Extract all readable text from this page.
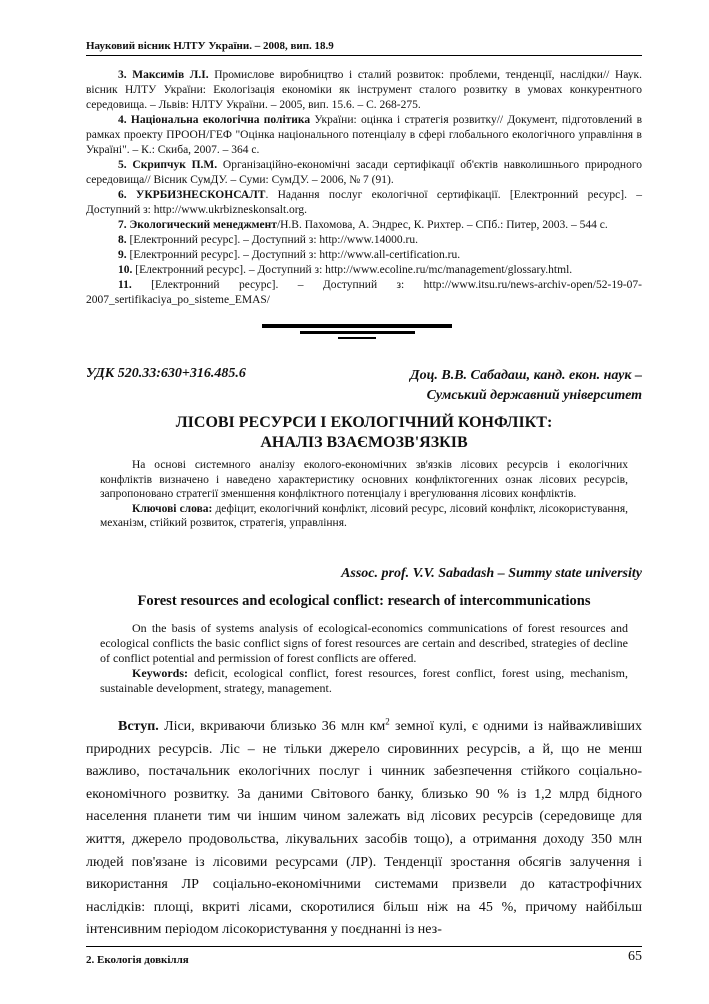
Науковий вісник НЛТУ України. – 2008, вип. 18.9

3. Максимів Л.І. Промислове виробництво і сталий розвиток: проблеми, тенденції, наслідки// Наук. вісник НЛТУ України: Екологізація економіки як інструмент сталого розвитку в умовах конкурентного середовища. – Львів: НЛТУ України. – 2005, вип. 15.6. – С. 268-275.

4. Національна екологічна політика України: оцінка і стратегія розвитку// Документ, підготовлений в рамках проекту ПРООН/ГЕФ "Оцінка національного потенціалу в сфері глобального екологічного управління в Україні". – К.: Скиба, 2007. – 364 с.

5. Скрипчук П.М. Організаційно-економічні засади сертифікації об'єктів навколишнього природного середовища// Вісник СумДУ. – Суми: СумДУ. – 2006, № 7 (91).

6. УКРБИЗНЕСКОНСАЛТ. Надання послуг екологічної сертифікації. [Електронний ресурс]. – Доступний з: http://www.ukrbizneskonsalt.org.

7. Экологический менеджмент/Н.В. Пахомова, А. Эндрес, К. Рихтер. – СПб.: Питер, 2003. – 544 с.

8. [Електронний ресурс]. – Доступний з: http://www.14000.ru.

9. [Електронний ресурс]. – Доступний з: http://www.all-certification.ru.

10. [Електронний ресурс]. – Доступний з: http://www.ecoline.ru/mc/management/glossary.html.

11. [Електронний ресурс]. – Доступний з: http://www.itsu.ru/news-archiv-open/52-19-07-2007_sertifikaciya_po_sisteme_EMAS/

УДК 520.33:630+316.485.6	Доц. В.В. Сабадаш, канд. екон. наук –
Сумський державний університет
ЛІСОВІ РЕСУРСИ І ЕКОЛОГІЧНИЙ КОНФЛІКТ:
АНАЛІЗ ВЗАЄМОЗВ'ЯЗКІВ

На основі системного аналізу еколого-економічних зв'язків лісових ресурсів і екологічних конфліктів визначено і наведено характеристику основних конфліктогенних ознак лісових ресурсів, запропоновано стратегії зменшення конфліктного потенціалу і врегулювання лісових конфліктів.

Ключові слова: дефіцит, екологічний конфлікт, лісовий ресурс, лісовий конфлікт, лісокористування, механізм, стійкий розвиток, стратегія, управління.

Assoc. prof. V.V. Sabadash – Summy state university
Forest resources and ecological conflict: research of intercommunications

On the basis of systems analysis of ecological-economics communications of forest resources and ecological conflicts the basic conflict signs of forest resources are certain and described, strategies of decline of conflict potential and permission of forest conflicts are offered.

Keywords: deficit, ecological conflict, forest resources, forest conflict, forest using, mechanism, sustainable development, strategy, management.

Вступ. Ліси, вкриваючи близько 36 млн $км^2$ земної кулі, є одними із найважливіших природних ресурсів. Ліс – не тільки джерело сировинних ресурсів, а й, що не менш важливо, постачальник екологічних послуг і чинник забезпечення стійкого соціально-економічного розвитку. За даними Світового банку, близько 90 % із 1,2 млрд бідного населення планети тим чи іншим чином залежать від лісових ресурсів (середовище для життя, джерело продовольства, лікувальних засобів тощо), а отримання доходу 350 млн людей пов'язане із лісовими ресурсами (ЛР). Тенденції зростання обсягів залучення і використання ЛР соціально-економічними системами призвели до катастрофічних наслідків: площі, вкриті лісами, скоротилися більш ніж на 45 %, причому найбільш інтенсивним періодом лісокористування у поєднанні із нез-

2. Екологія довкілля	65
